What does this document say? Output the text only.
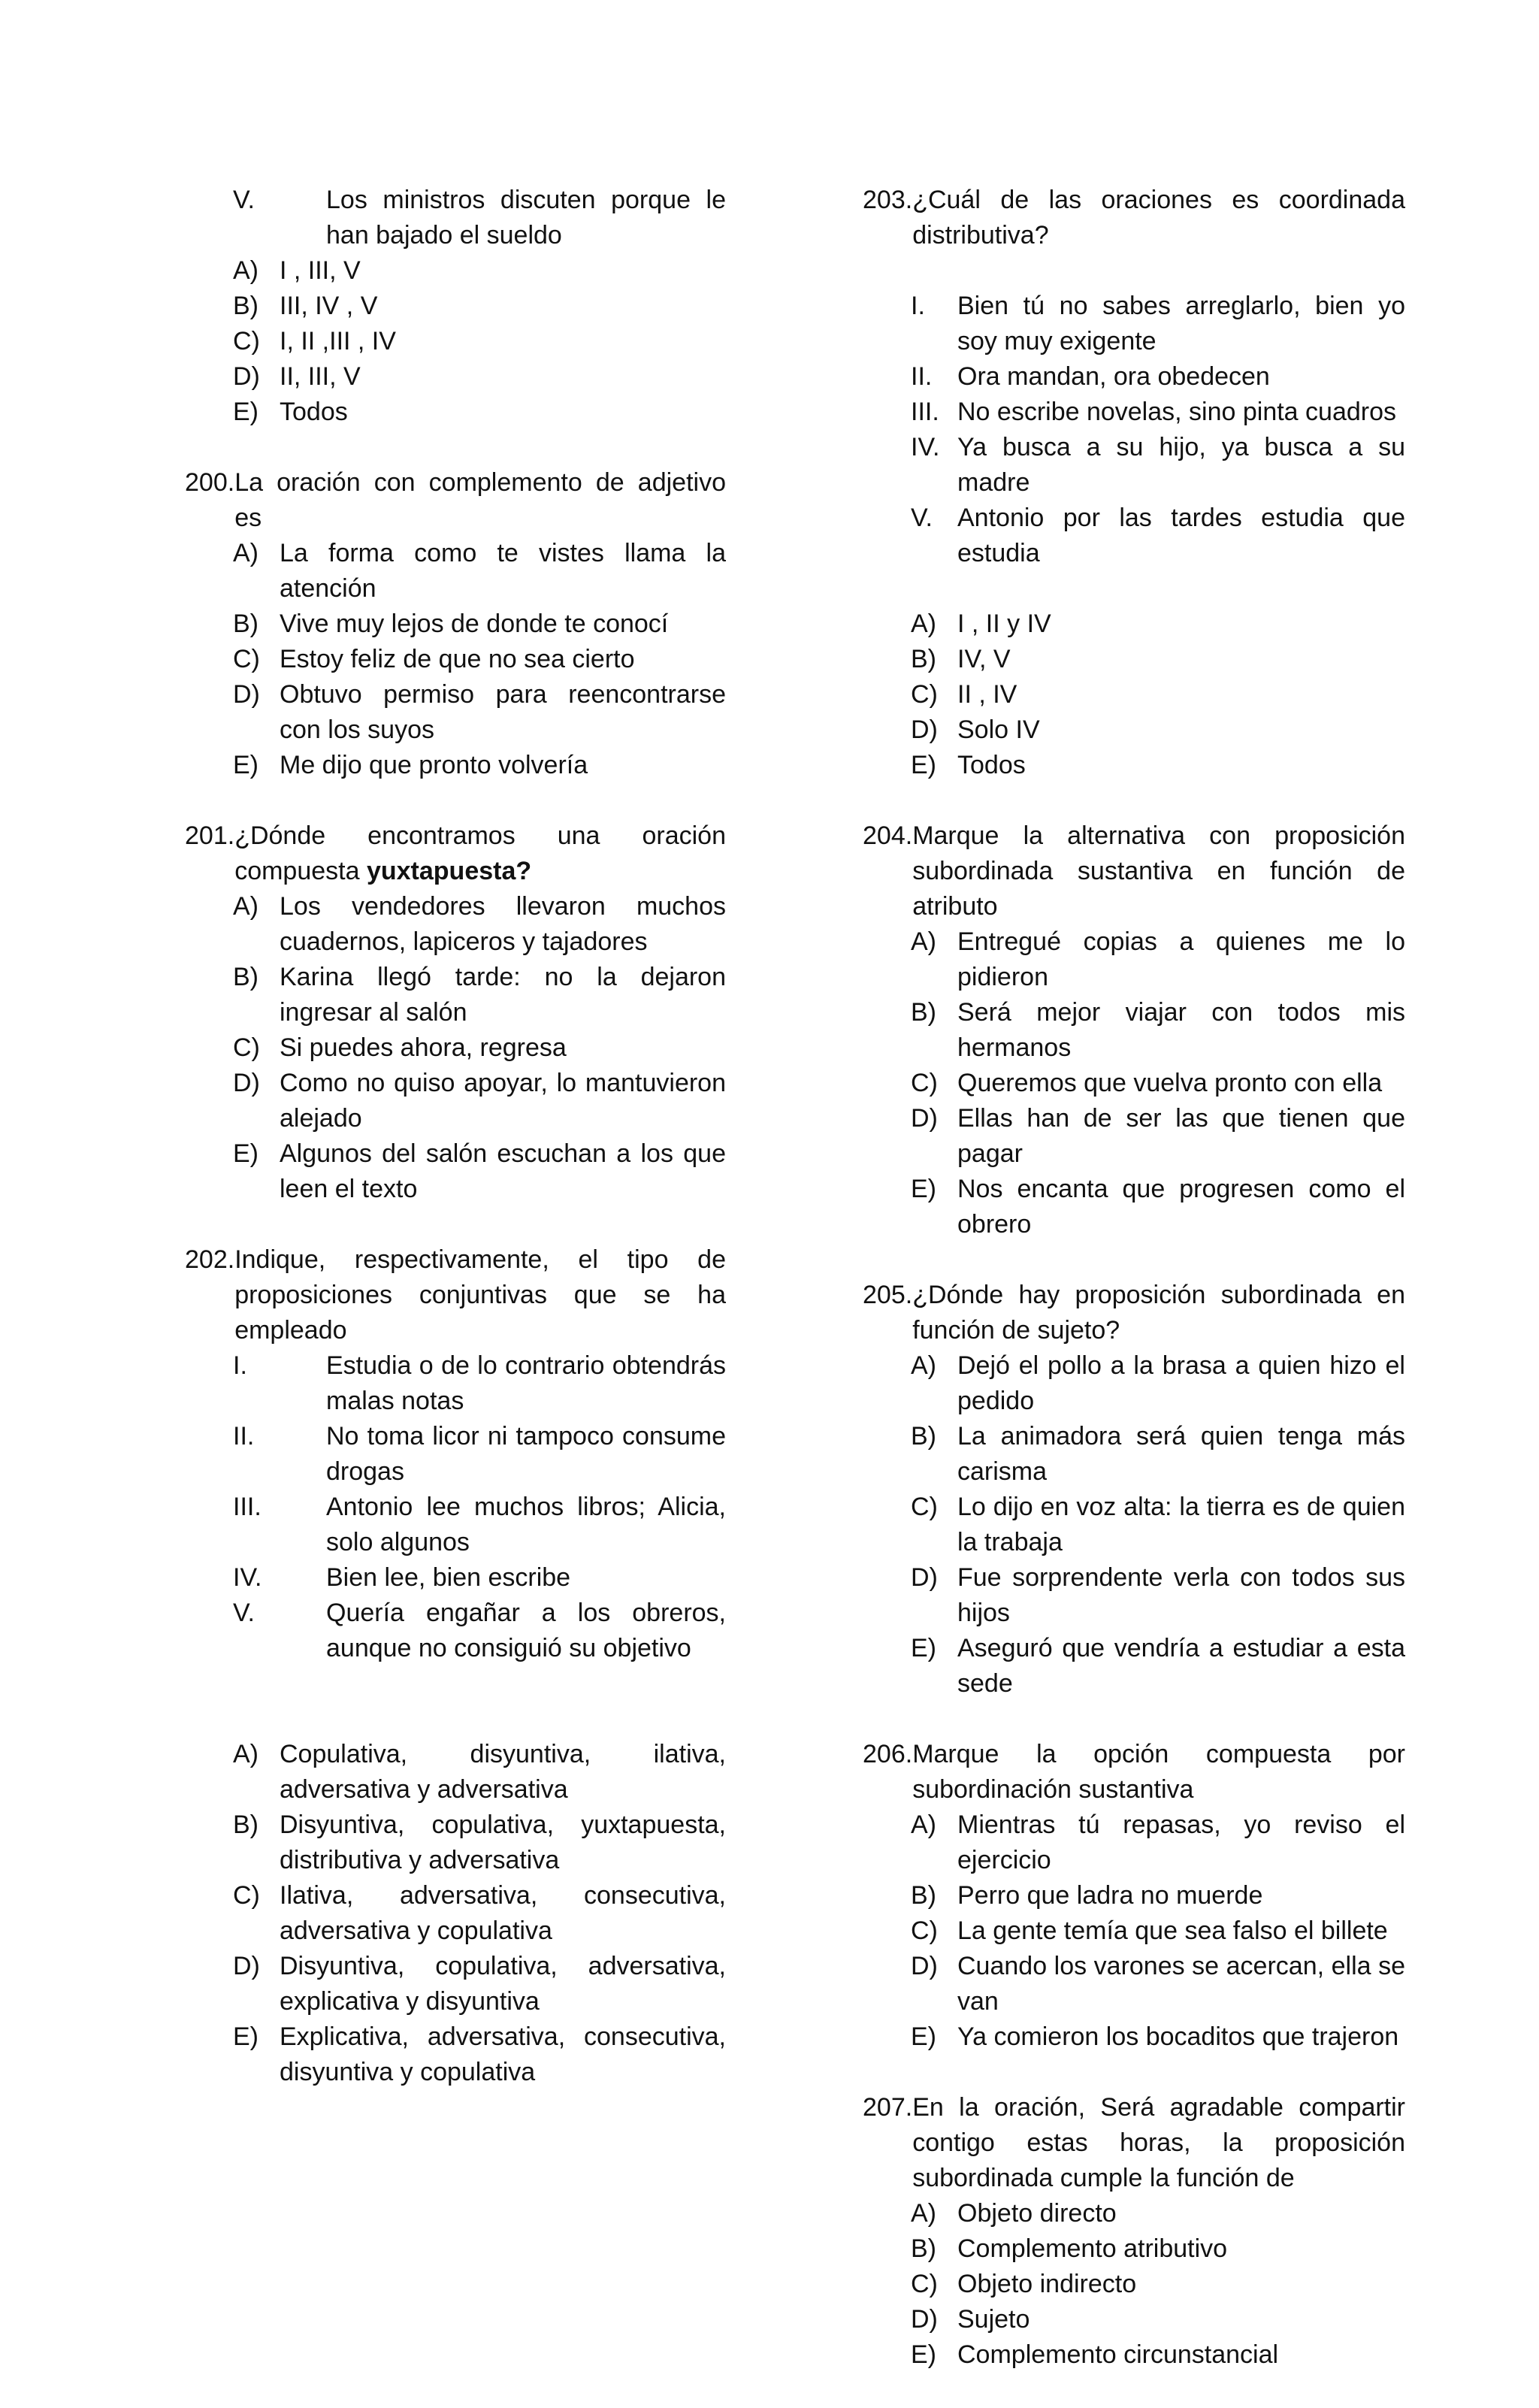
V.	Los ministros discuten porque le han bajado el sueldo
A) I , III, V
B) III, IV , V
C) I, II ,III , IV
D) II, III, V
E) Todos
200. La oración con complemento de adjetivo es
A) La forma como te vistes llama la atención
B) Vive muy lejos de donde te conocí
C) Estoy feliz de que no sea cierto
D) Obtuvo permiso para reencontrarse con los suyos
E) Me dijo que pronto volvería
201. ¿Dónde encontramos una oración compuesta yuxtapuesta?
A) Los vendedores llevaron muchos cuadernos, lapiceros y tajadores
B) Karina llegó tarde: no la dejaron ingresar al salón
C) Si puedes ahora, regresa
D) Como no quiso apoyar, lo mantuvieron alejado
E) Algunos del salón escuchan a los que leen el texto
202. Indique, respectivamente, el tipo de proposiciones conjuntivas que se ha empleado
I.	Estudia o de lo contrario obtendrás malas notas
II.	No toma licor ni tampoco consume drogas
III.	Antonio lee muchos libros; Alicia, solo algunos
IV.	Bien lee, bien escribe
V.	Quería engañar a los obreros, aunque no consiguió su objetivo
A) Copulativa, disyuntiva, ilativa, adversativa y adversativa
B) Disyuntiva, copulativa, yuxtapuesta, distributiva y adversativa
C) Ilativa, adversativa, consecutiva, adversativa y copulativa
D) Disyuntiva, copulativa, adversativa, explicativa y disyuntiva
E) Explicativa, adversativa, consecutiva, disyuntiva y copulativa
203. ¿Cuál de las oraciones es coordinada distributiva?
I.	Bien tú no sabes arreglarlo, bien yo soy muy exigente
II. Ora mandan, ora obedecen
III. No escribe novelas, sino pinta cuadros
IV. Ya busca a su hijo, ya busca a su madre
V. Antonio por las tardes estudia que estudia
A) I , II y IV
B) IV, V
C) II , IV
D) Solo IV
E) Todos
204. Marque la alternativa con proposición subordinada sustantiva en función de atributo
A) Entregué copias a quienes me lo pidieron
B) Será mejor viajar con todos mis hermanos
C) Queremos que vuelva pronto con ella
D) Ellas han de ser las que tienen que pagar
E) Nos encanta que progresen como el obrero
205. ¿Dónde hay proposición subordinada en función de sujeto?
A) Dejó el pollo a la brasa a quien hizo el pedido
B) La animadora será quien tenga más carisma
C) Lo dijo en voz alta: la tierra es de quien la trabaja
D) Fue sorprendente verla con todos sus hijos
E) Aseguró que vendría a estudiar a esta sede
206. Marque la opción compuesta por subordinación sustantiva
A) Mientras tú repasas, yo reviso el ejercicio
B) Perro que ladra no muerde
C) La gente temía que sea falso el billete
D) Cuando los varones se acercan, ella se van
E) Ya comieron los bocaditos que trajeron
207. En la oración, Será agradable compartir contigo estas horas, la proposición subordinada cumple la función de
A) Objeto directo
B) Complemento atributivo
C) Objeto indirecto
D) Sujeto
E) Complemento circunstancial
